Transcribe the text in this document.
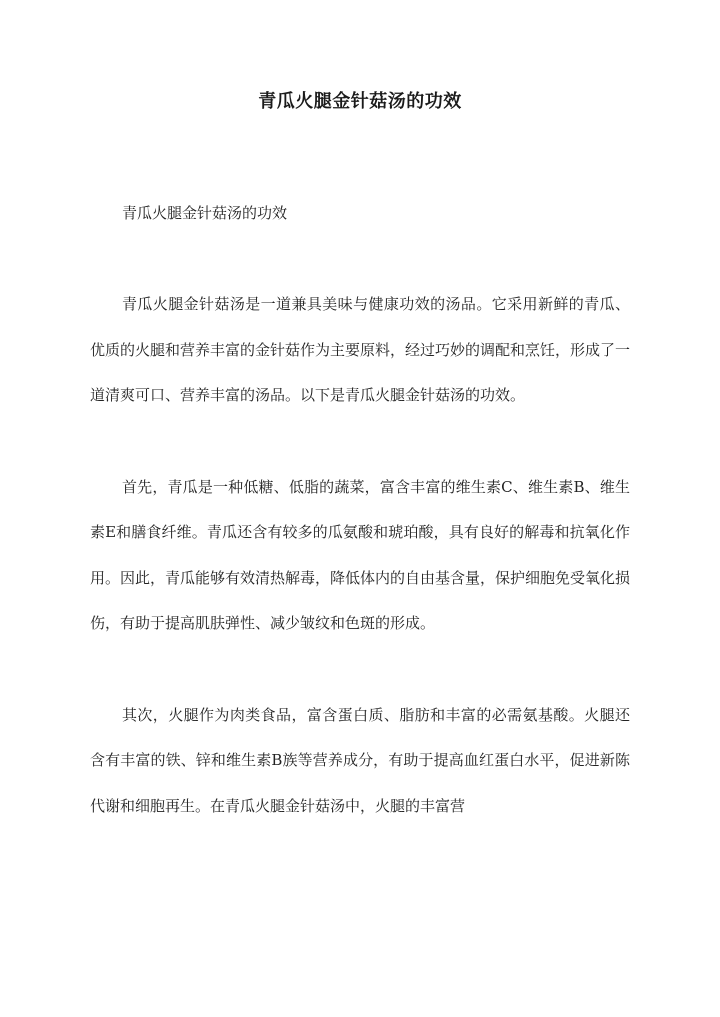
青瓜火腿金针菇汤的功效
青瓜火腿金针菇汤的功效

青瓜火腿金针菇汤是一道兼具美味与健康功效的汤品。它采用新鲜的青瓜、优质的火腿和营养丰富的金针菇作为主要原料，经过巧妙的调配和烹饪，形成了一道清爽可口、营养丰富的汤品。以下是青瓜火腿金针菇汤的功效。

首先，青瓜是一种低糖、低脂的蔬菜，富含丰富的维生素C、维生素B、维生素E和膳食纤维。青瓜还含有较多的瓜氨酸和琥珀酸，具有良好的解毒和抗氧化作用。因此，青瓜能够有效清热解毒，降低体内的自由基含量，保护细胞免受氧化损伤，有助于提高肌肤弹性、减少皱纹和色斑的形成。

其次，火腿作为肉类食品，富含蛋白质、脂肪和丰富的必需氨基酸。火腿还含有丰富的铁、锌和维生素B族等营养成分，有助于提高血红蛋白水平，促进新陈代谢和细胞再生。在青瓜火腿金针菇汤中，火腿的丰富营
